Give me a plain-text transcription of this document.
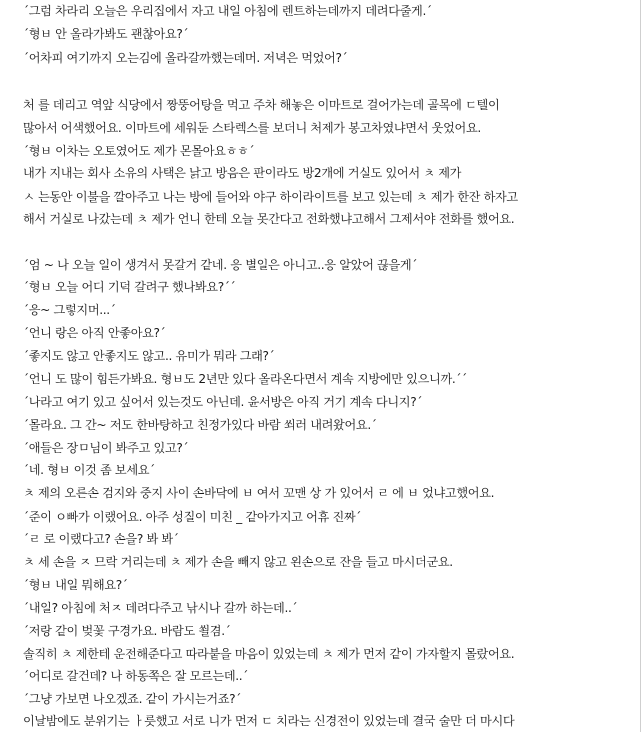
´그럼 차라리 오늘은 우리집에서 자고 내일 아침에 렌트하는데까지 데려다줄게.´

´형ㅂ 안 올라가봐도 괜찮아요?´

´어차피 여기까지 오는김에 올라갈까했는데머. 저녁은 먹었어?´

처 를 데리고 역앞 식당에서 짱뚱어탕을 먹고 주차 해놓은 이마트로 걸어가는데 골목에 ㄷ텔이

많아서 어색했어요. 이마트에 세워둔 스타렉스를 보더니 처제가 봉고차였냐면서 웃었어요.

´형ㅂ 이차는 오토였어도 제가 몬몰아요ㅎㅎ´

내가 지내는 회사 소유의 사택은 낡고 방음은 판이라도 방2개에 거실도 있어서 ㅊ 제가

ㅅ 는동안 이불을 깔아주고 나는 방에 들어와 야구 하이라이트를 보고 있는데 ㅊ 제가 한잔 하자고

해서 거실로 나갔는데 ㅊ 제가 언니 한테 오늘 못간다고 전화했냐고해서 그제서야 전화를 했어요.

´엄 ~ 나 오늘 일이 생겨서 못갈거 같네. 응 별일은 아니고..응 알았어 끊을게´

´형ㅂ 오늘 어디 기덕 갈려구 했나봐요?´´

´응~ 그렇지머...´

´언니 랑은 아직 안좋아요?´

´좋지도 않고 안좋지도 않고.. 유미가 뭐라 그래?´

´언니 도 많이 힘든가봐요. 형ㅂ도 2년만 있다 올라온다면서 계속 지방에만 있으니까.´´

´나라고 여기 있고 싶어서 있는것도 아닌데. 윤서방은 아직 거기 계속 다니지?´

´몰라요. 그 간~ 저도 한바탕하고 친정가있다 바람 쐬러 내려왔어요.´

´애들은 장ㅁ님이 봐주고 있고?´

´네. 형ㅂ 이것 좀 보세요´

ㅊ 제의 오른손 검지와 중지 사이 손바닥에 ㅂ 여서 꼬맨 상 가 있어서 ㄹ 에 ㅂ 었냐고했어요.

´준이 ㅇ빠가 이랬어요. 아주 성질이 미친 _ 같아가지고 어휴 진짜´

´ㄹ 로 이랬다고? 손을? 봐 봐´

ㅊ 세 손을 ㅈ 므락 거리는데 ㅊ 제가 손을 빼지 않고 왼손으로 잔을 들고 마시더군요.

´형ㅂ 내일 뭐해요?´

´내일? 아침에 처ㅈ 데려다주고 낚시나 갈까 하는데..´

´저랑 같이 벚꽃 구경가요. 바람도 쐴겸.´

솔직히 ㅊ 제한테 운전해준다고 따라붙을 마음이 있었는데 ㅊ 제가 먼저 같이 가자할지 몰랐어요.

´어디로 갈건데? 나 하동쪽은 잘 모르는데..´

´그냥 가보면 나오겠죠. 같이 가시는거죠?´

이날밤에도 분위기는 ㅏ릇했고 서로 니가 먼저 ㄷ 치라는 신경전이 있었는데 결국 술만 더 마시다
